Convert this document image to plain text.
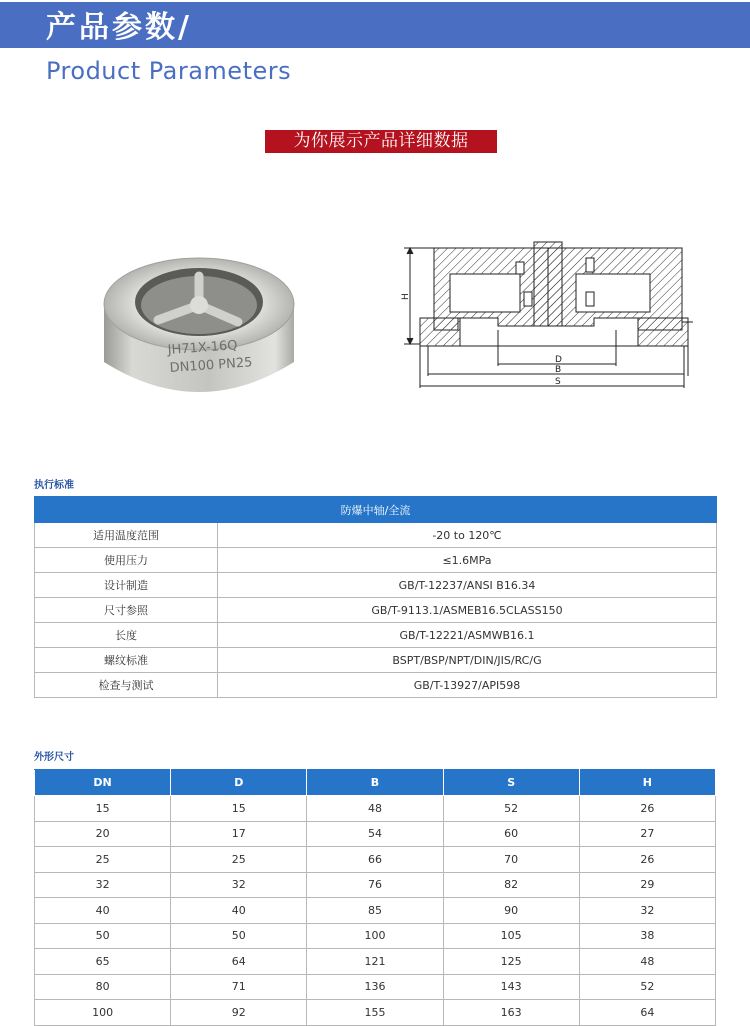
产品参数/
Product Parameters
为你展示产品详细数据
JH71X-16Q
DN100 PN25
H
D
B
S
执行标准
防爆中轴/全流	
适用温度范围	-20 to 120℃
使用压力	≤1.6MPa
设计制造	GB/T-12237/ANSI B16.34
尺寸参照	GB/T-9113.1/ASMEB16.5CLASS150
长度	GB/T-12221/ASMWB16.1
螺纹标准	BSPT/BSP/NPT/DIN/JIS/RC/G
检查与测试	GB/T-13927/API598
外形尺寸
DN	D	B	S	H
15	15	48	52	26
20	17	54	60	27
25	25	66	70	26
32	32	76	82	29
40	40	85	90	32
50	50	100	105	38
65	64	121	125	48
80	71	136	143	52
100	92	155	163	64
